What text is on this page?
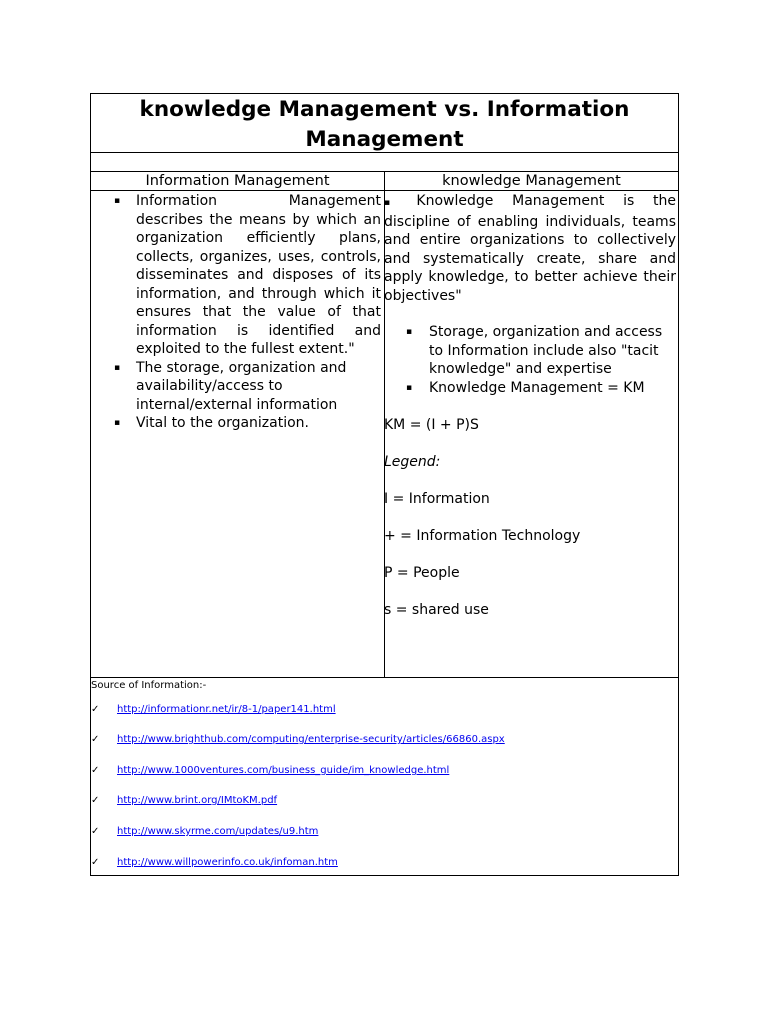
knowledge Management vs. Information
Management
Information Management	knowledge Management
▪ Information Management describes the means by which an organization efficiently plans, collects, organizes, uses, controls, disseminates and disposes of its information, and through which it ensures that the value of that information is identified and exploited to the fullest extent."
▪ The storage, organization and availability/access to internal/external information
▪ Vital to the organization.
▪ Knowledge Management is the discipline of enabling individuals, teams and entire organizations to collectively and systematically create, share and apply knowledge, to better achieve their objectives"
▪ Storage, organization and access to Information include also "tacit knowledge" and expertise
▪ Knowledge Management = KM
KM = (I + P)S
Legend:
I = Information
+ = Information Technology
P = People
s = shared use
Source of Information:-
✓ http://informationr.net/ir/8-1/paper141.html
✓ http://www.brighthub.com/computing/enterprise-security/articles/66860.aspx
✓ http://www.1000ventures.com/business_guide/im_knowledge.html
✓ http://www.brint.org/IMtoKM.pdf
✓ http://www.skyrme.com/updates/u9.htm
✓ http://www.willpowerinfo.co.uk/infoman.htm
